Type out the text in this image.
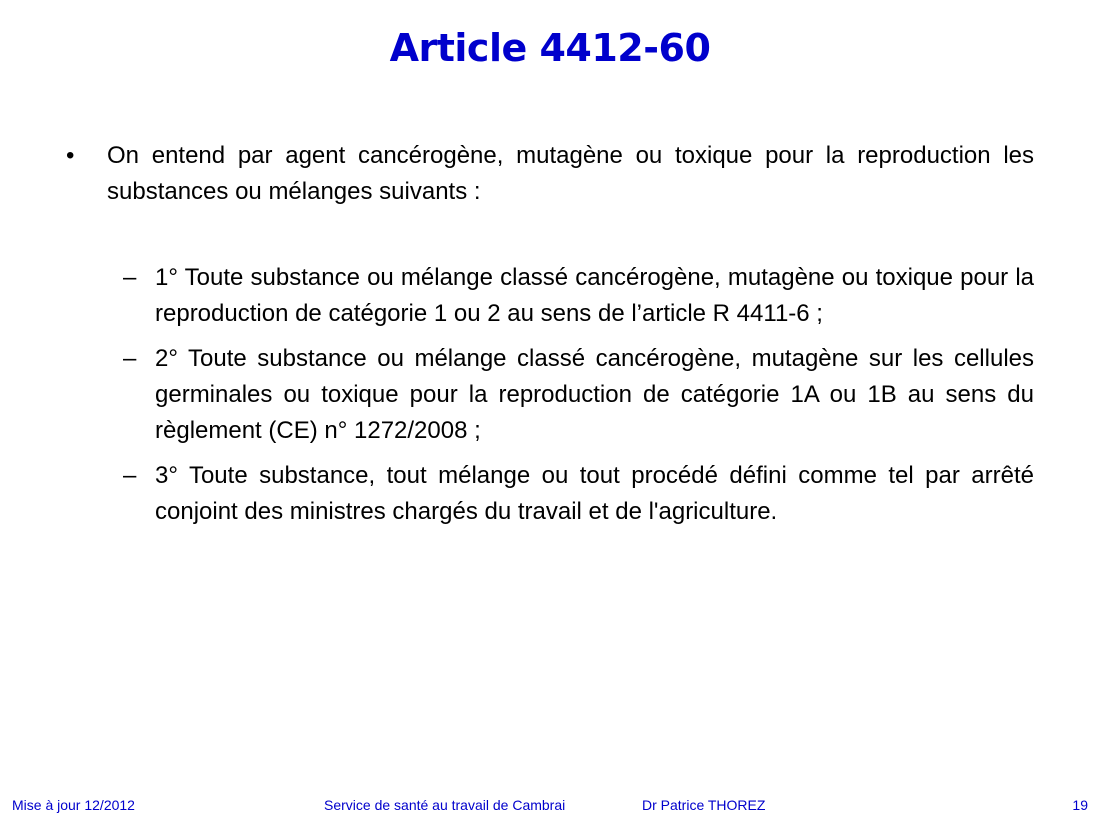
Article 4412-60

•	On entend par agent cancérogène, mutagène ou toxique pour la reproduction les substances ou mélanges suivants :

– 1° Toute substance ou mélange classé cancérogène, mutagène ou toxique pour la reproduction de catégorie 1 ou 2 au sens de l’article R 4411-6 ;
– 2° Toute substance ou mélange classé cancérogène, mutagène sur les cellules germinales ou toxique pour la reproduction de catégorie 1A ou 1B au sens du règlement (CE) n° 1272/2008 ;
– 3° Toute substance, tout mélange ou tout procédé défini comme tel par arrêté conjoint des ministres chargés du travail et de l'agriculture.
Mise à jour 12/2012	Service de santé au travail de Cambrai	Dr Patrice THOREZ	19
